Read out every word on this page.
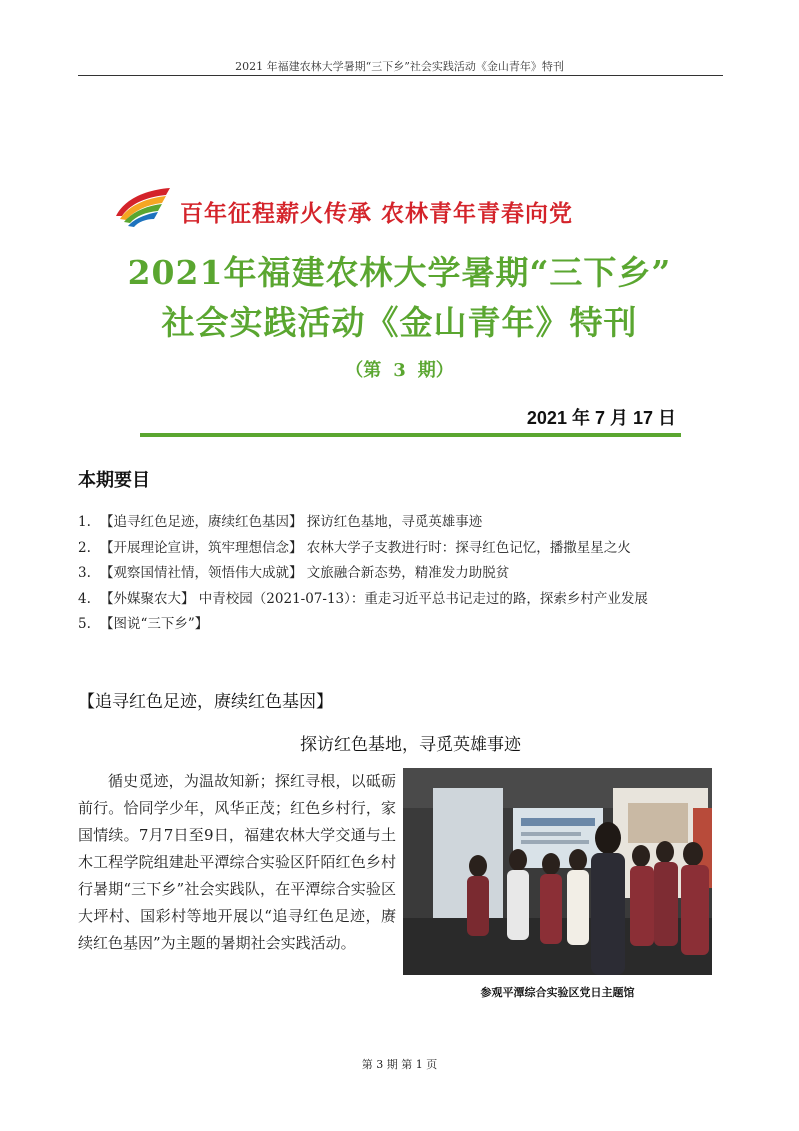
2021 年福建农林大学暑期“三下乡”社会实践活动《金山青年》特刊
百年征程薪火传承 农林青年青春向党
2021年福建农林大学暑期“三下乡”
社会实践活动《金山青年》特刊
（第 3 期）
2021 年 7 月 17 日
本期要目
1. 【追寻红色足迹，赓续红色基因】 探访红色基地，寻觅英雄事迹
2. 【开展理论宣讲，筑牢理想信念】 农林大学子支教进行时：探寻红色记忆，播撒星星之火
3. 【观察国情社情，领悟伟大成就】 文旅融合新态势，精准发力助脱贫
4. 【外媒聚农大】 中青校园（2021-07-13）：重走习近平总书记走过的路，探索乡村产业发展
5. 【图说“三下乡”】
【追寻红色足迹，赓续红色基因】
探访红色基地，寻觅英雄事迹
循史觅迹，为温故知新；探红寻根，以砥砺前行。恰同学少年，风华正茂；红色乡村行，家国情续。7月7日至9日，福建农林大学交通与土木工程学院组建赴平潭综合实验区阡陌红色乡村行暑期“三下乡”社会实践队，在平潭综合实验区大坪村、国彩村等地开展以“追寻红色足迹，赓续红色基因”为主题的暑期社会实践活动。
参观平潭综合实验区党日主题馆
第 3 期 第 1 页
